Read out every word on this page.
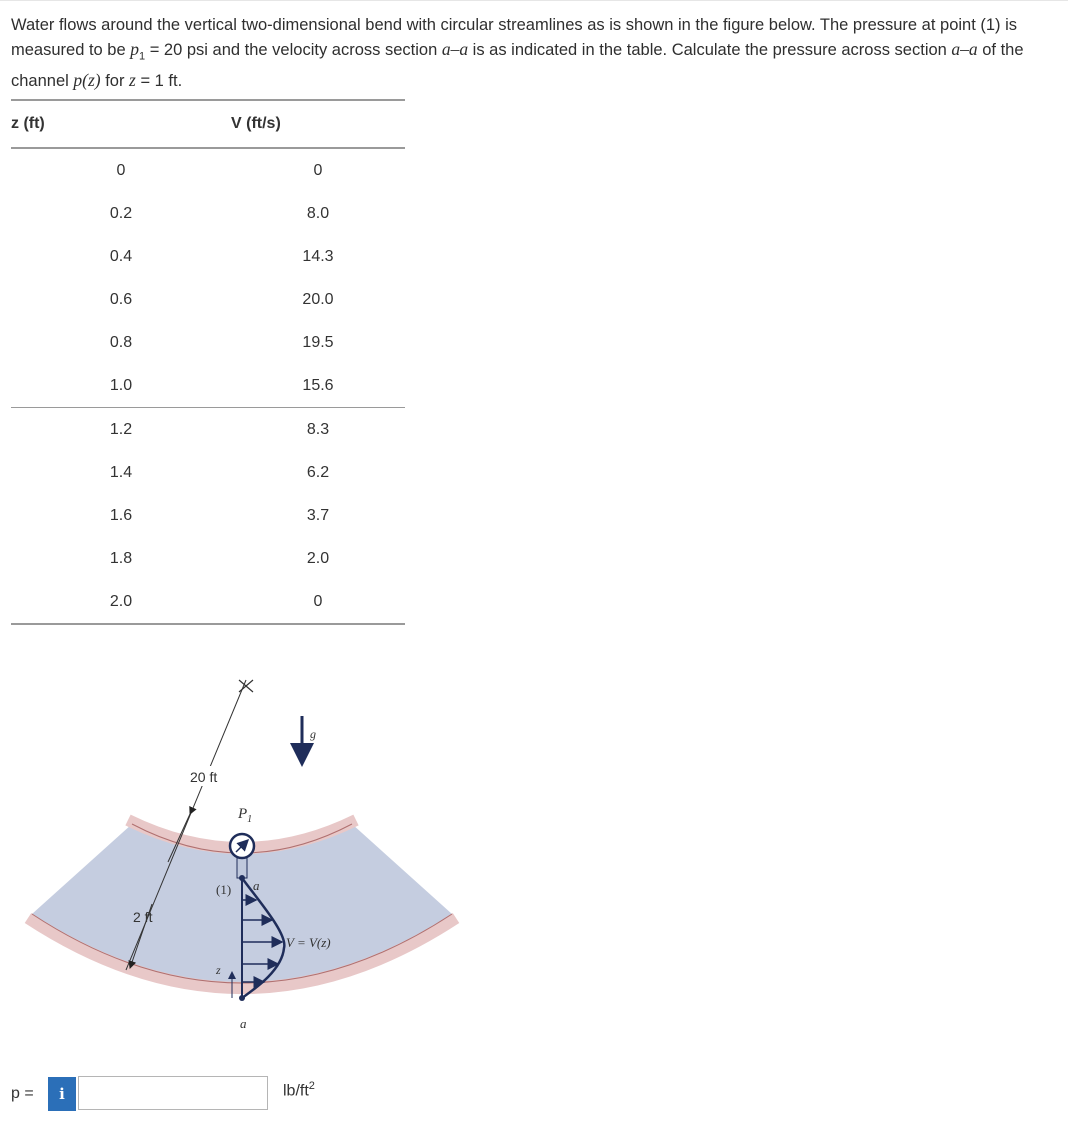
Water flows around the vertical two-dimensional bend with circular streamlines as is shown in the figure below. The pressure at point (1) is measured to be $p_1 = 20$ psi and the velocity across section a–a is as indicated in the table. Calculate the pressure across section a–a of the channel p(z) for z = 1 ft.
z (ft)	V (ft/s)
0	0
0.2	8.0
0.4	14.3
0.6	20.0
0.8	19.5
1.0	15.6
1.2	8.3
1.4	6.2
1.6	3.7
1.8	2.0
2.0	0
20 ft
2 ft
g
$P_1$
(1) a
a
z
V = V(z)
p =	i	$lb/ft^2$
